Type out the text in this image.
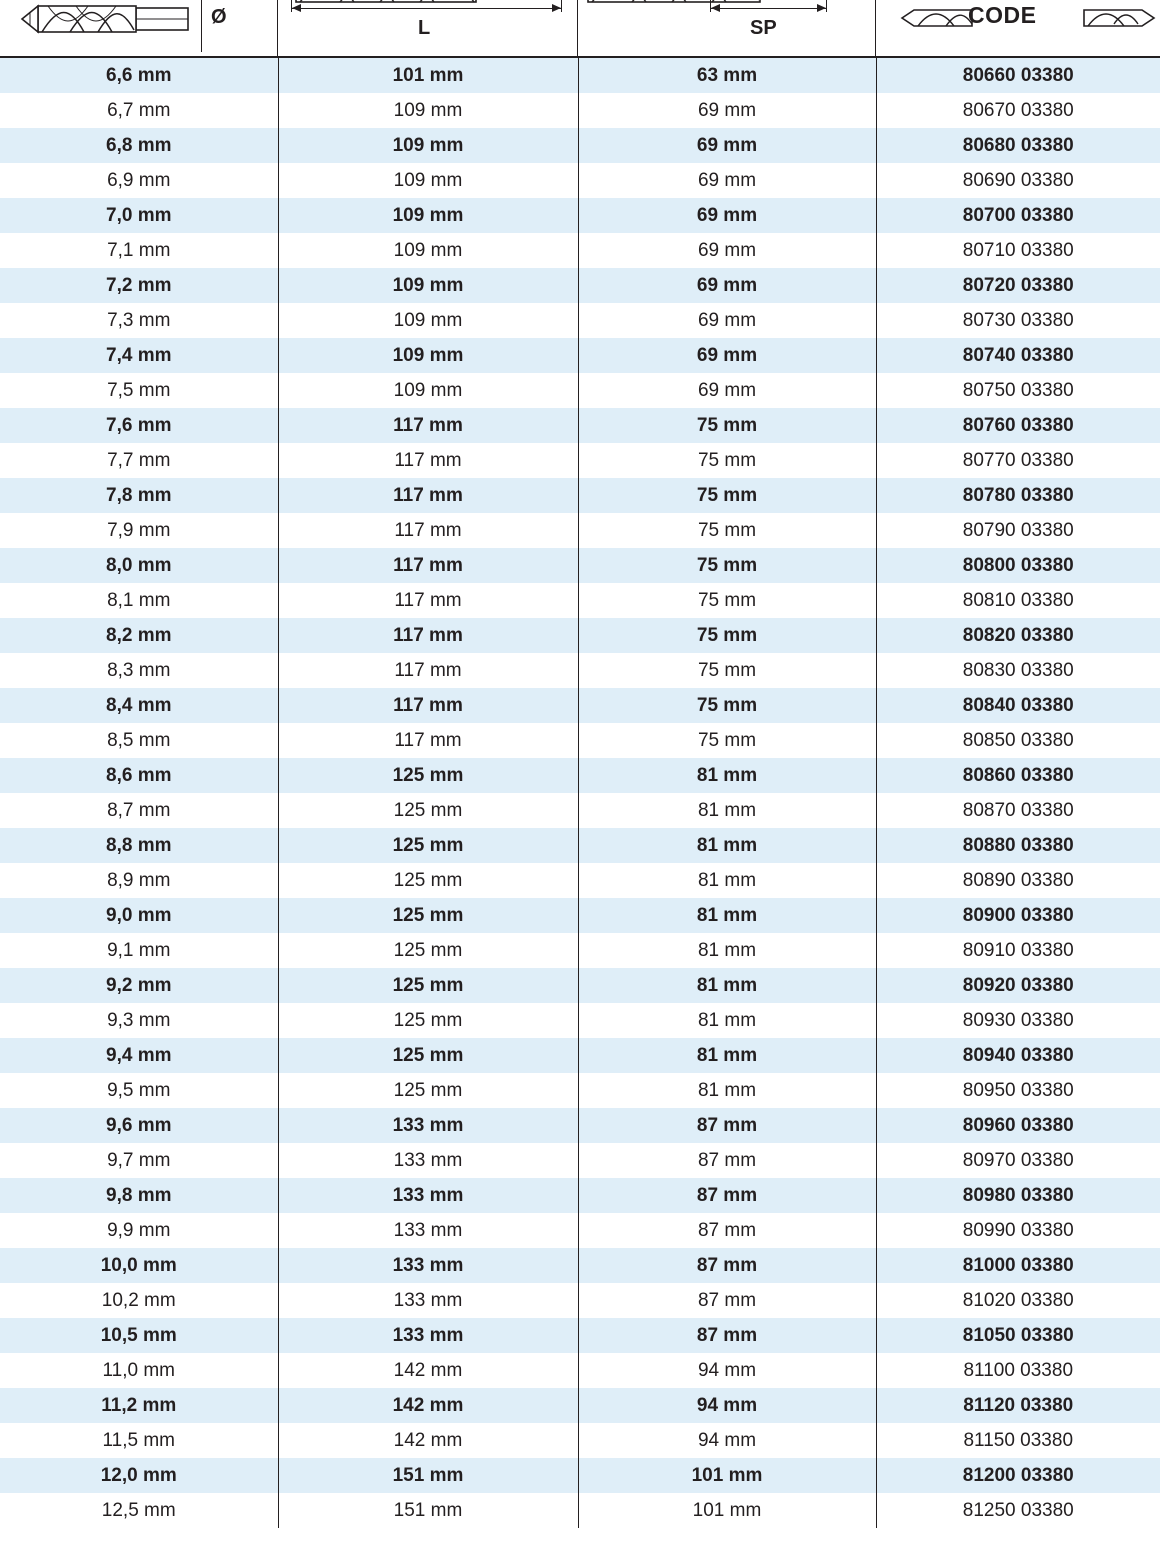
Ø	L	SP	CODE
6,6 mm	101 mm	63 mm	80660 03380
6,7 mm	109 mm	69 mm	80670 03380
6,8 mm	109 mm	69 mm	80680 03380
6,9 mm	109 mm	69 mm	80690 03380
7,0 mm	109 mm	69 mm	80700 03380
7,1 mm	109 mm	69 mm	80710 03380
7,2 mm	109 mm	69 mm	80720 03380
7,3 mm	109 mm	69 mm	80730 03380
7,4 mm	109 mm	69 mm	80740 03380
7,5 mm	109 mm	69 mm	80750 03380
7,6 mm	117 mm	75 mm	80760 03380
7,7 mm	117 mm	75 mm	80770 03380
7,8 mm	117 mm	75 mm	80780 03380
7,9 mm	117 mm	75 mm	80790 03380
8,0 mm	117 mm	75 mm	80800 03380
8,1 mm	117 mm	75 mm	80810 03380
8,2 mm	117 mm	75 mm	80820 03380
8,3 mm	117 mm	75 mm	80830 03380
8,4 mm	117 mm	75 mm	80840 03380
8,5 mm	117 mm	75 mm	80850 03380
8,6 mm	125 mm	81 mm	80860 03380
8,7 mm	125 mm	81 mm	80870 03380
8,8 mm	125 mm	81 mm	80880 03380
8,9 mm	125 mm	81 mm	80890 03380
9,0 mm	125 mm	81 mm	80900 03380
9,1 mm	125 mm	81 mm	80910 03380
9,2 mm	125 mm	81 mm	80920 03380
9,3 mm	125 mm	81 mm	80930 03380
9,4 mm	125 mm	81 mm	80940 03380
9,5 mm	125 mm	81 mm	80950 03380
9,6 mm	133 mm	87 mm	80960 03380
9,7 mm	133 mm	87 mm	80970 03380
9,8 mm	133 mm	87 mm	80980 03380
9,9 mm	133 mm	87 mm	80990 03380
10,0 mm	133 mm	87 mm	81000 03380
10,2 mm	133 mm	87 mm	81020 03380
10,5 mm	133 mm	87 mm	81050 03380
11,0 mm	142 mm	94 mm	81100 03380
11,2 mm	142 mm	94 mm	81120 03380
11,5 mm	142 mm	94 mm	81150 03380
12,0 mm	151 mm	101 mm	81200 03380
12,5 mm	151 mm	101 mm	81250 03380
